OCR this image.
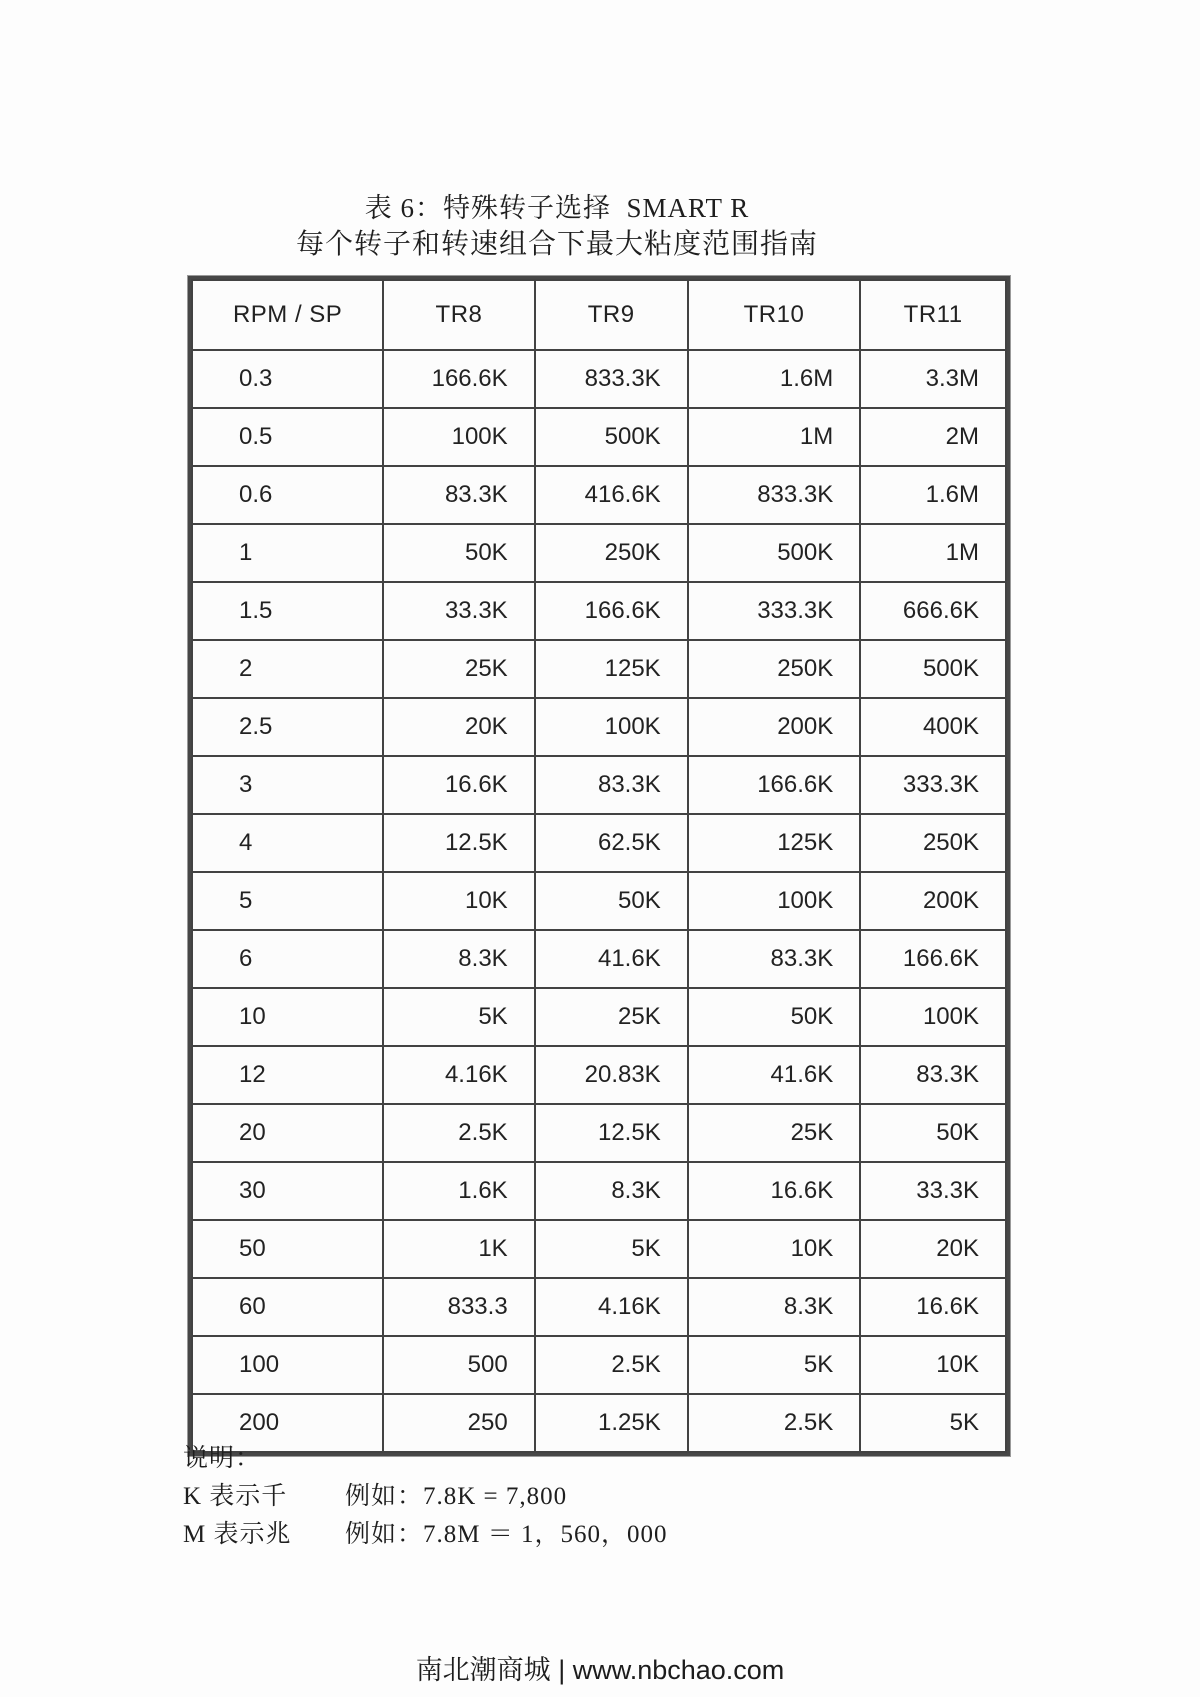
表 6：特殊转子选择  SMART R
每个转子和转速组合下最大粘度范围指南
RPM / SP	TR8	TR9	TR10	TR11
0.3	166.6K	833.3K	1.6M	3.3M
0.5	100K	500K	1M	2M
0.6	83.3K	416.6K	833.3K	1.6M
1	50K	250K	500K	1M
1.5	33.3K	166.6K	333.3K	666.6K
2	25K	125K	250K	500K
2.5	20K	100K	200K	400K
3	16.6K	83.3K	166.6K	333.3K
4	12.5K	62.5K	125K	250K
5	10K	50K	100K	200K
6	8.3K	41.6K	83.3K	166.6K
10	5K	25K	50K	100K
12	4.16K	20.83K	41.6K	83.3K
20	2.5K	12.5K	25K	50K
30	1.6K	8.3K	16.6K	33.3K
50	1K	5K	10K	20K
60	833.3	4.16K	8.3K	16.6K
100	500	2.5K	5K	10K
200	250	1.25K	2.5K	5K
说明：
K 表示千	例如：7.8K = 7,800
M 表示兆	例如：7.8M ＝ 1，560，000
南北潮商城 | www.nbchao.com
